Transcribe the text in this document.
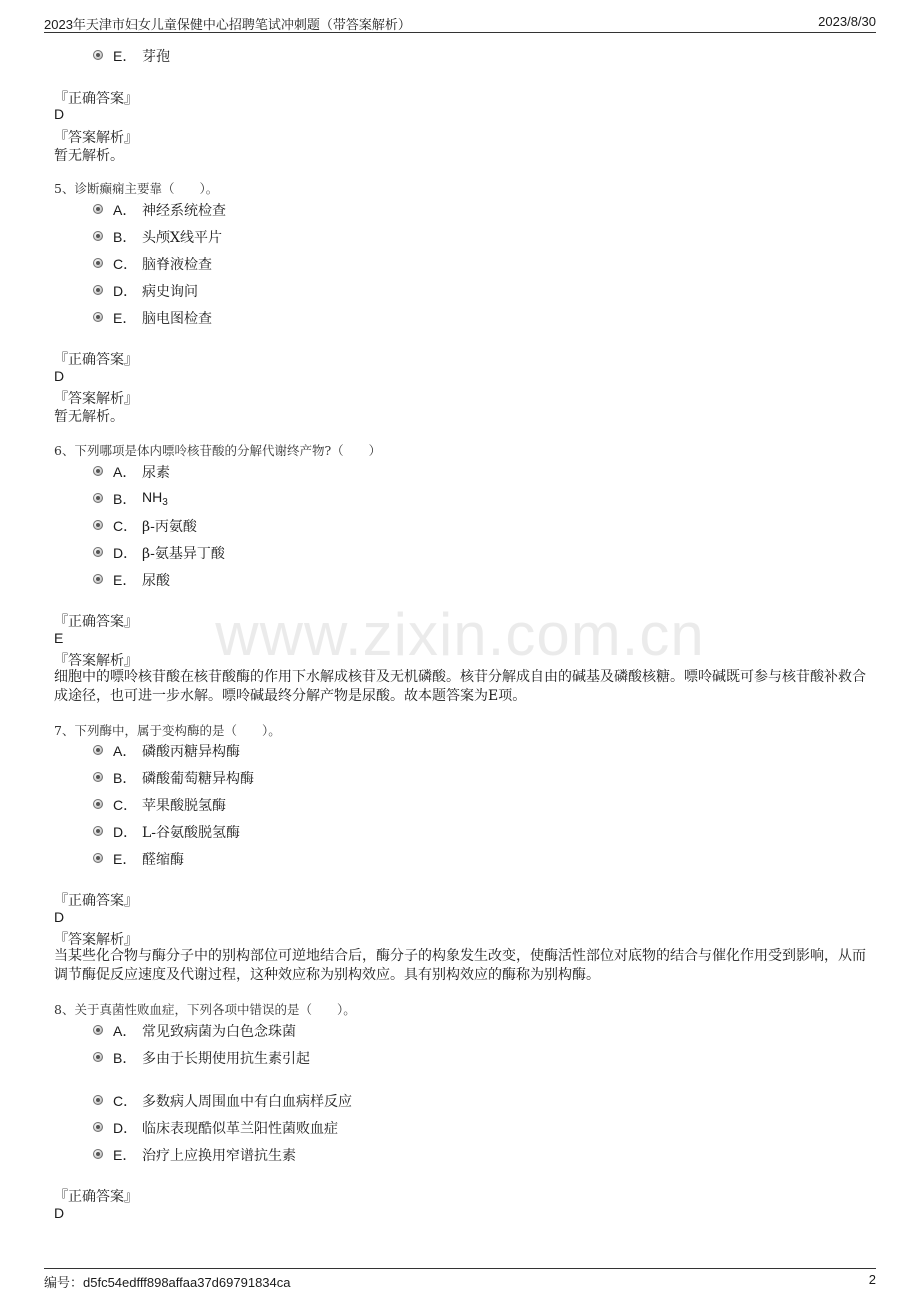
2023年天津市妇女儿童保健中心招聘笔试冲刺题（带答案解析）	2023/8/30
www.zixin.com.cn
E． 芽孢
『正确答案』
D
『答案解析』
暂无解析。
5、诊断癫痫主要靠（　　）。
A． 神经系统检查
B． 头颅X线平片
C． 脑脊液检查
D． 病史询问
E． 脑电图检查
『正确答案』
D
『答案解析』
暂无解析。
6、下列哪项是体内嘌呤核苷酸的分解代谢终产物?（　　）
A． 尿素
B． $NH_3$
C． β-丙氨酸
D． β-氨基异丁酸
E． 尿酸
『正确答案』
E
『答案解析』
细胞中的嘌呤核苷酸在核苷酸酶的作用下水解成核苷及无机磷酸。核苷分解成自由的碱基及磷酸核糖。嘌呤碱既可参与核苷酸补救合成途径，也可进一步水解。嘌呤碱最终分解产物是尿酸。故本题答案为E项。
7、下列酶中，属于变构酶的是（　　）。
A． 磷酸丙糖异构酶
B． 磷酸葡萄糖异构酶
C． 苹果酸脱氢酶
D． L-谷氨酸脱氢酶
E． 醛缩酶
『正确答案』
D
『答案解析』
当某些化合物与酶分子中的别构部位可逆地结合后，酶分子的构象发生改变，使酶活性部位对底物的结合与催化作用受到影响，从而调节酶促反应速度及代谢过程，这种效应称为别构效应。具有别构效应的酶称为别构酶。
8、关于真菌性败血症，下列各项中错误的是（　　）。
A． 常见致病菌为白色念珠菌
B． 多由于长期使用抗生素引起
C． 多数病人周围血中有白血病样反应
D． 临床表现酷似革兰阳性菌败血症
E． 治疗上应换用窄谱抗生素
『正确答案』
D
编号：d5fc54edfff898affaa37d69791834ca	2
